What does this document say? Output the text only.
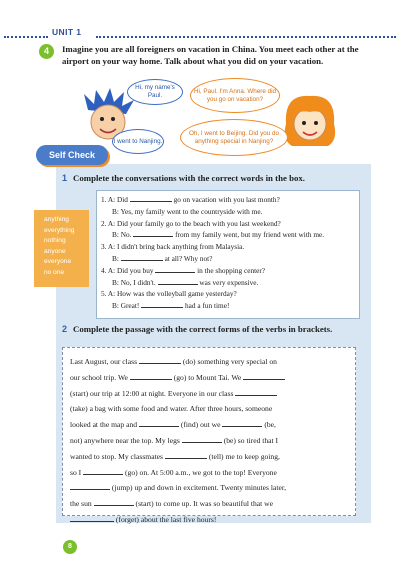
UNIT 1
4	Imagine you are all foreigners on vacation in China. You meet each other at the airport on your way home. Talk about what you did on your vacation.
Hi, my name's Paul.
I went to Nanjing.
Hi, Paul. I'm Anna. Where did you go on vacation?
Oh, I went to Beijing. Did you do anything special in Nanjing?
Self Check
1 Complete the conversations with the correct words in the box.
anything
everything
nothing
anyone
everyone
no one
1. A: Did	go on vacation with you last month?
B: Yes, my family went to the countryside with me.
2. A: Did your family go to the beach with you last weekend?
B: No.	from my family went, but my friend went with me.
3. A: I didn't bring back anything from Malaysia.
B:	at all? Why not?
4. A: Did you buy	in the shopping center?
B: No, I didn't.	was very expensive.
5. A: How was the volleyball game yesterday?
B: Great!	had a fun time!
2 Complete the passage with the correct forms of the verbs in brackets.
Last August, our class	(do) something very special on
our school trip. We	(go) to Mount Tai. We
(start) our trip at 12:00 at night. Everyone in our class
(take) a bag with some food and water. After three hours, someone
looked at the map and	(find) out we	(be,
not) anywhere near the top. My legs	(be) so tired that I
wanted to stop. My classmates	(tell) me to keep going,
so I	(go) on. At 5:00 a.m., we got to the top! Everyone
(jump) up and down in excitement. Twenty minutes later,
the sun	(start) to come up. It was so beautiful that we
(forget) about the last five hours!
8
